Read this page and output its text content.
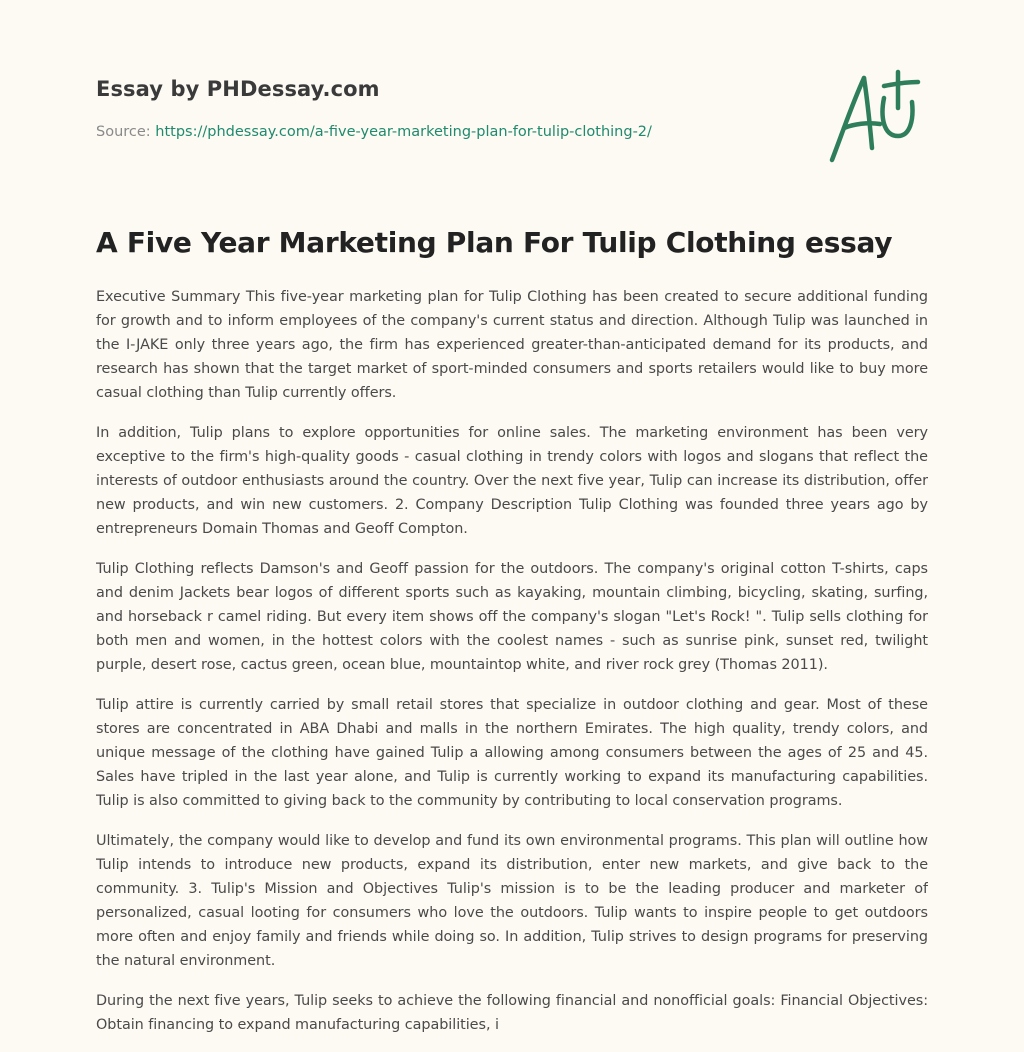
Essay by PHDessay.com
Source: https://phdessay.com/a-five-year-marketing-plan-for-tulip-clothing-2/
A Five Year Marketing Plan For Tulip Clothing essay

Executive Summary This five-year marketing plan for Tulip Clothing has been created to secure additional funding for growth and to inform employees of the company's current status and direction. Although Tulip was launched in the I-JAKE only three years ago, the firm has experienced greater-than-anticipated demand for its products, and research has shown that the target market of sport-minded consumers and sports retailers would like to buy more casual clothing than Tulip currently offers.

In addition, Tulip plans to explore opportunities for online sales. The marketing environment has been very exceptive to the firm's high-quality goods - casual clothing in trendy colors with logos and slogans that reflect the interests of outdoor enthusiasts around the country. Over the next five year, Tulip can increase its distribution, offer new products, and win new customers. 2. Company Description Tulip Clothing was founded three years ago by entrepreneurs Domain Thomas and Geoff Compton.

Tulip Clothing reflects Damson's and Geoff passion for the outdoors. The company's original cotton T-shirts, caps and denim Jackets bear logos of different sports such as kayaking, mountain climbing, bicycling, skating, surfing, and horseback r camel riding. But every item shows off the company's slogan "Let's Rock! ". Tulip sells clothing for both men and women, in the hottest colors with the coolest names - such as sunrise pink, sunset red, twilight purple, desert rose, cactus green, ocean blue, mountaintop white, and river rock grey (Thomas 2011).

Tulip attire is currently carried by small retail stores that specialize in outdoor clothing and gear. Most of these stores are concentrated in ABA Dhabi and malls in the northern Emirates. The high quality, trendy colors, and unique message of the clothing have gained Tulip a allowing among consumers between the ages of 25 and 45. Sales have tripled in the last year alone, and Tulip is currently working to expand its manufacturing capabilities. Tulip is also committed to giving back to the community by contributing to local conservation programs.

Ultimately, the company would like to develop and fund its own environmental programs. This plan will outline how Tulip intends to introduce new products, expand its distribution, enter new markets, and give back to the community. 3. Tulip's Mission and Objectives Tulip's mission is to be the leading producer and marketer of personalized, casual looting for consumers who love the outdoors. Tulip wants to inspire people to get outdoors more often and enjoy family and friends while doing so. In addition, Tulip strives to design programs for preserving the natural environment.

During the next five years, Tulip seeks to achieve the following financial and nonofficial goals: Financial Objectives: Obtain financing to expand manufacturing capabilities, i
